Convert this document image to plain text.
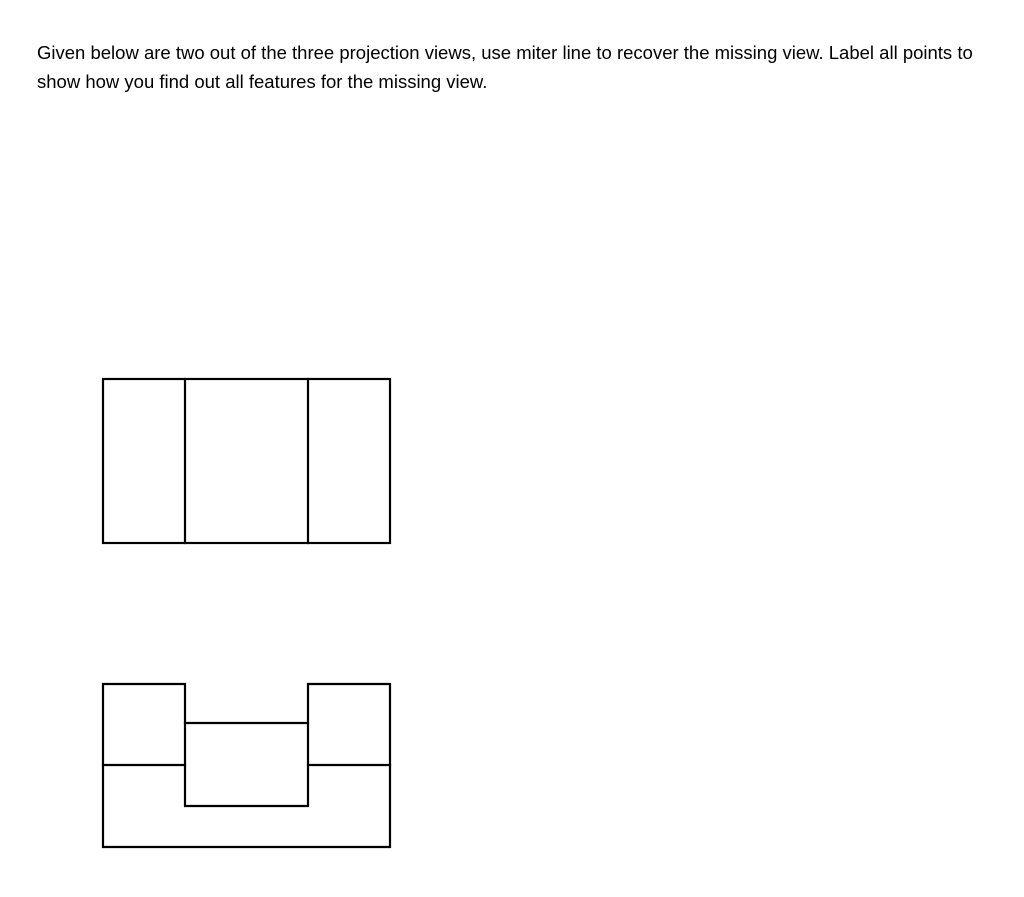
Given below are two out of the three projection views, use miter line to recover the missing view. Label all points to show how you find out all features for the missing view.
